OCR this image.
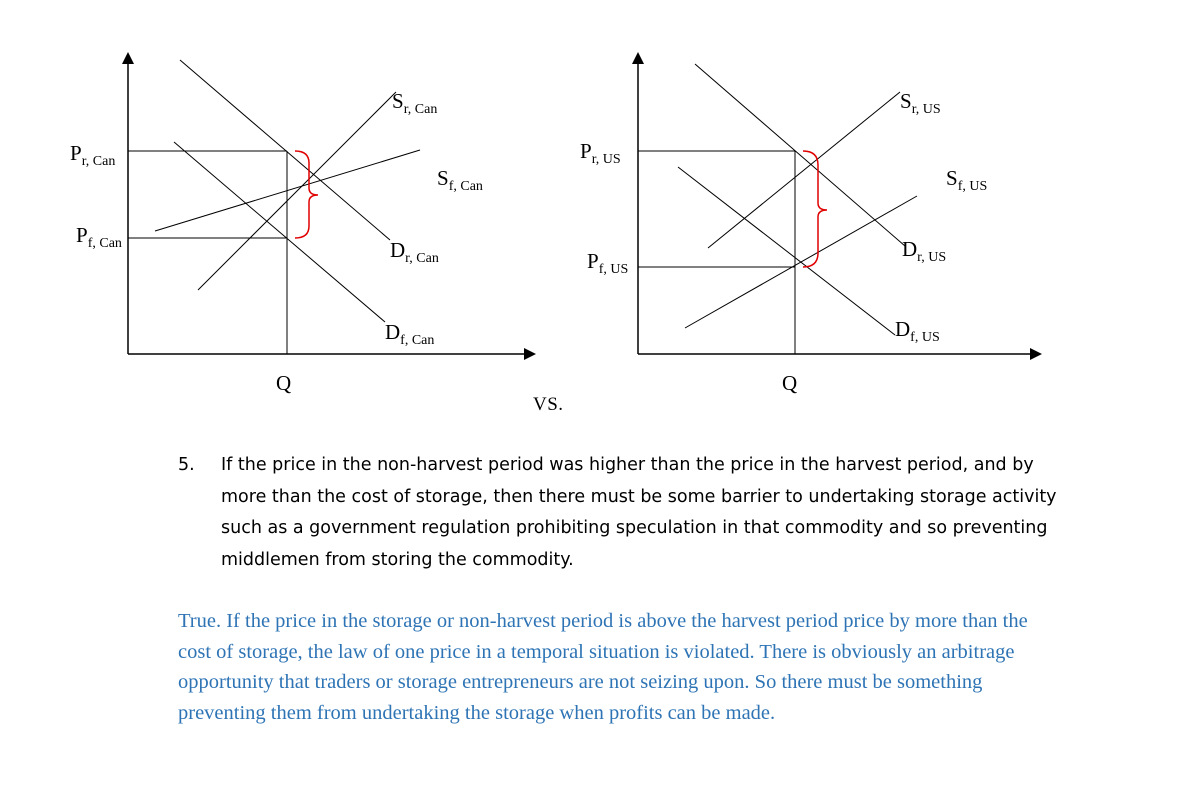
Sr, Can
Sf, Can
Dr, Can
Df, Can
Pr, Can
Pf, Can
Q
Sr, US
Sf, US
Dr, US
Df, US
Pr, US
Pf, US
Q
VS.
5. If the price in the non-harvest period was higher than the price in the harvest period, and by more than the cost of storage, then there must be some barrier to undertaking storage activity such as a government regulation prohibiting speculation in that commodity and so preventing middlemen from storing the commodity.
True. If the price in the storage or non-harvest period is above the harvest period price by more than the cost of storage, the law of one price in a temporal situation is violated. There is obviously an arbitrage opportunity that traders or storage entrepreneurs are not seizing upon. So there must be something preventing them from undertaking the storage when profits can be made.
